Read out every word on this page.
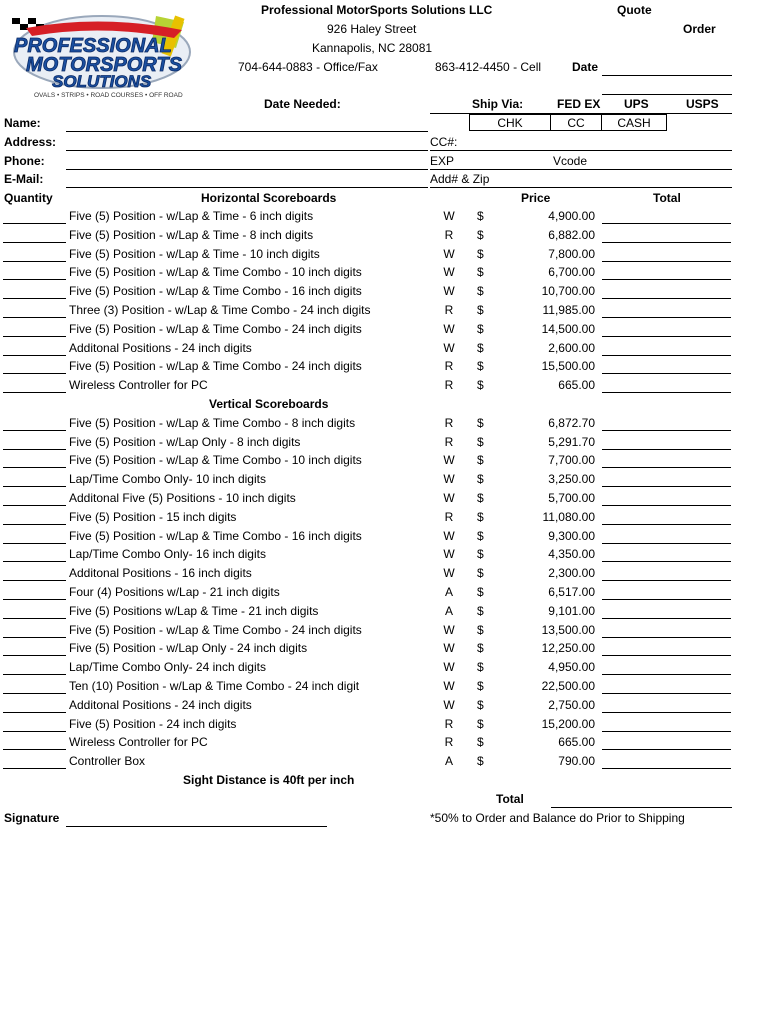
PROFESSIONAL
MOTORSPORTS
SOLUTIONS
OVALS • STRIPS • ROAD COURSES • OFF ROAD
Professional MotorSports Solutions LLC
926 Haley Street
Kannapolis, NC 28081
704-644-0883 - Office/Fax	863-412-4450 - Cell
Quote
Order
Date
Date Needed:	Ship Via:	FED EX UPS	USPS
CHK	CC	CASH
Name:
Address:
Phone:
E-Mail:
CC#:
EXP	Vcode
Add# & Zip
Quantity	Price	Total
Horizontal Scoreboards
Five (5) Position - w/Lap & Time - 6 inch digits	W $	4,900.00
Five (5) Position - w/Lap & Time - 8 inch digits	R	$	6,882.00
Five (5) Position - w/Lap & Time - 10 inch digits	W $	7,800.00
Five (5) Position - w/Lap & Time Combo - 10 inch digits	W $	6,700.00
Five (5) Position - w/Lap & Time Combo - 16 inch digits	W $	10,700.00
Three (3) Position - w/Lap & Time Combo - 24 inch digits	R	$	11,985.00
Five (5) Position - w/Lap & Time Combo - 24 inch digits	W $	14,500.00
Additonal Positions - 24 inch digits	W $	2,600.00
Five (5) Position - w/Lap & Time Combo - 24 inch digits	R	$	15,500.00
Wireless Controller for PC	R	$	665.00
Vertical Scoreboards
Five (5) Position - w/Lap & Time Combo - 8 inch digits	R	$	6,872.70
Five (5) Position - w/Lap Only - 8 inch digits	R	$	5,291.70
Five (5) Position - w/Lap & Time Combo - 10 inch digits	W $	7,700.00
Lap/Time Combo Only- 10 inch digits	W $	3,250.00
Additonal Five (5) Positions - 10 inch digits	W $	5,700.00
Five (5) Position - 15 inch digits	R	$	11,080.00
Five (5) Position - w/Lap & Time Combo - 16 inch digits	W $	9,300.00
Lap/Time Combo Only- 16 inch digits	W $	4,350.00
Additonal Positions - 16 inch digits	W $	2,300.00
Four (4) Positions w/Lap - 21 inch digits	A	$	6,517.00
Five (5) Positions w/Lap & Time - 21 inch digits	A	$	9,101.00
Five (5) Position - w/Lap & Time Combo - 24 inch digits	W $	13,500.00
Five (5) Position - w/Lap Only - 24 inch digits	W $	12,250.00
Lap/Time Combo Only- 24 inch digits	W $	4,950.00
Ten (10) Position - w/Lap & Time Combo - 24 inch digit	W $	22,500.00
Additonal Positions - 24 inch digits	W $	2,750.00
Five (5) Position - 24 inch digits	R	$	15,200.00
Wireless Controller for PC	R	$	665.00
Controller Box	A	$	790.00
Sight Distance is 40ft per inch
Total
Signature	*50% to Order and Balance do Prior to Shipping
